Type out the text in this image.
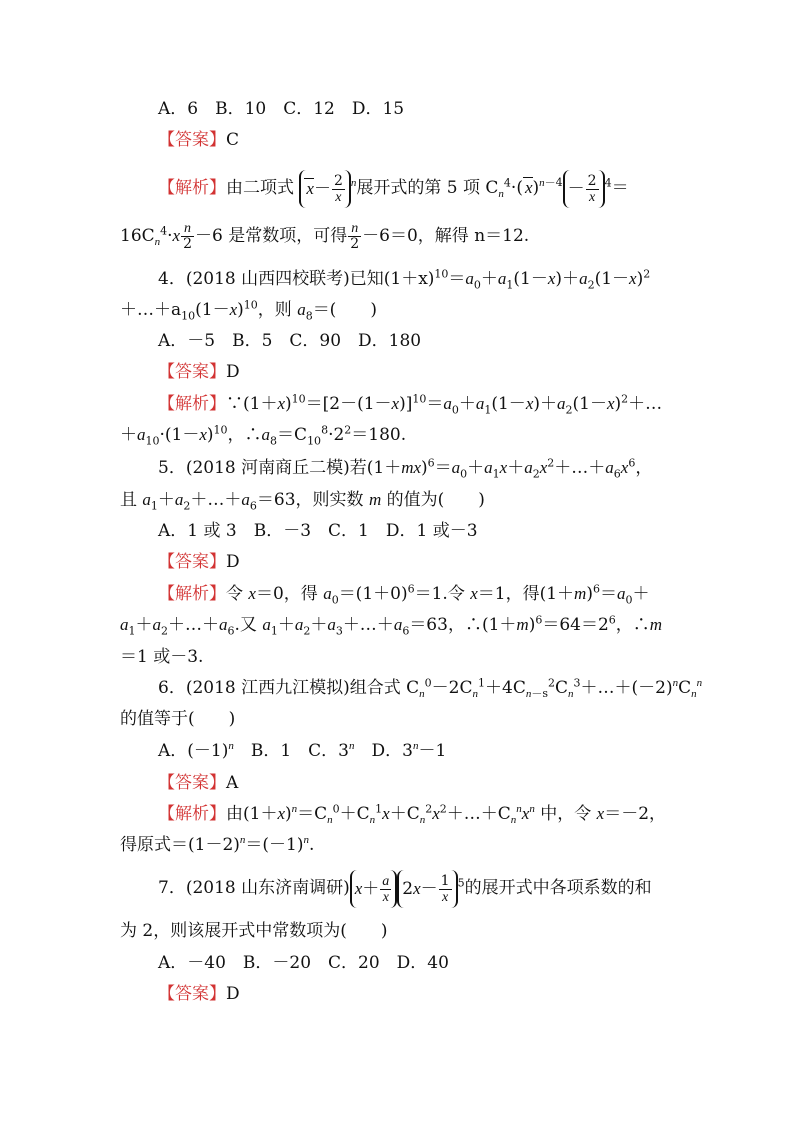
A．6　B．10　C．12　D．15
【答案】C
【解析】由二项式 $x- \frac{2}{x} ^n$展开式的第 5 项 $C_n^4\cdot$( $x)^{n-4} - \frac{2}{x} ^4=$
$16C_n^4\cdot x \frac{n}{2} -6$ 是常数项，可得 $\frac{n}{2} -6=0$，解得 n＝12.
4．(2018 山西四校联考)已知$(1+x)^{10}=a_0+a_1(1-x)+a_2(1-x)^2$
$+\dots+a_{10}(1-x)^{10}$，则 $a_8=$(　　)
A．－5　B．5　C．90　D．180
【答案】D
【解析】$\because(1+x)^{10}=[2-(1-x)]^{10}=a_0+a_1(1-x)+a_2(1-x)^2+\dots$
$+a_{10}\cdot(1-x)^{10}$，$\therefore a_8=C_{10}^8\cdot 2^2=180$.
5．(2018 河南商丘二模)若$(1+mx)^6=a_0+a_1x+a_2x^2+\dots+a_6x^6$，
且 $a_1+a_2+\dots+a_6=63$，则实数 m 的值为(　　)
A．1 或 3　B．－3　C．1　D．1 或－3
【答案】D
【解析】令 x＝0，得 $a_0=(1+0)^6=1$.令 x＝1，得$(1+m)^6=a_0+$
$a_1+a_2+\dots+a_6$.又 $a_1+a_2+a_3+\dots+a_6=63$，$\therefore(1+m)^6=64=2^6$，∴m
＝1 或－3.
6．(2018 江西九江模拟)组合式 $C_n^0-2C_n^1+4C_{n-s}^2C_n^3+\dots+(-2)^nC_n^n$
的值等于(　　)
A．$(-1)^n$　B．1　C．3$^n$　D．$3^n-1$
【答案】A
【解析】由$(1+x)^n=C_n^0+C_n^1x+C_n^2x^2+\dots+C_n^nx^n$ 中，令 x＝－2，
得原式$=(1-2)^n=(-1)^n$.
7．(2018 山东济南调研) $x+ \frac{a}{x} 2x- \frac{1}{x} ^5$的展开式中各项系数的和
为 2，则该展开式中常数项为(　　)
A．－40　B．－20　C．20　D．40
【答案】D
